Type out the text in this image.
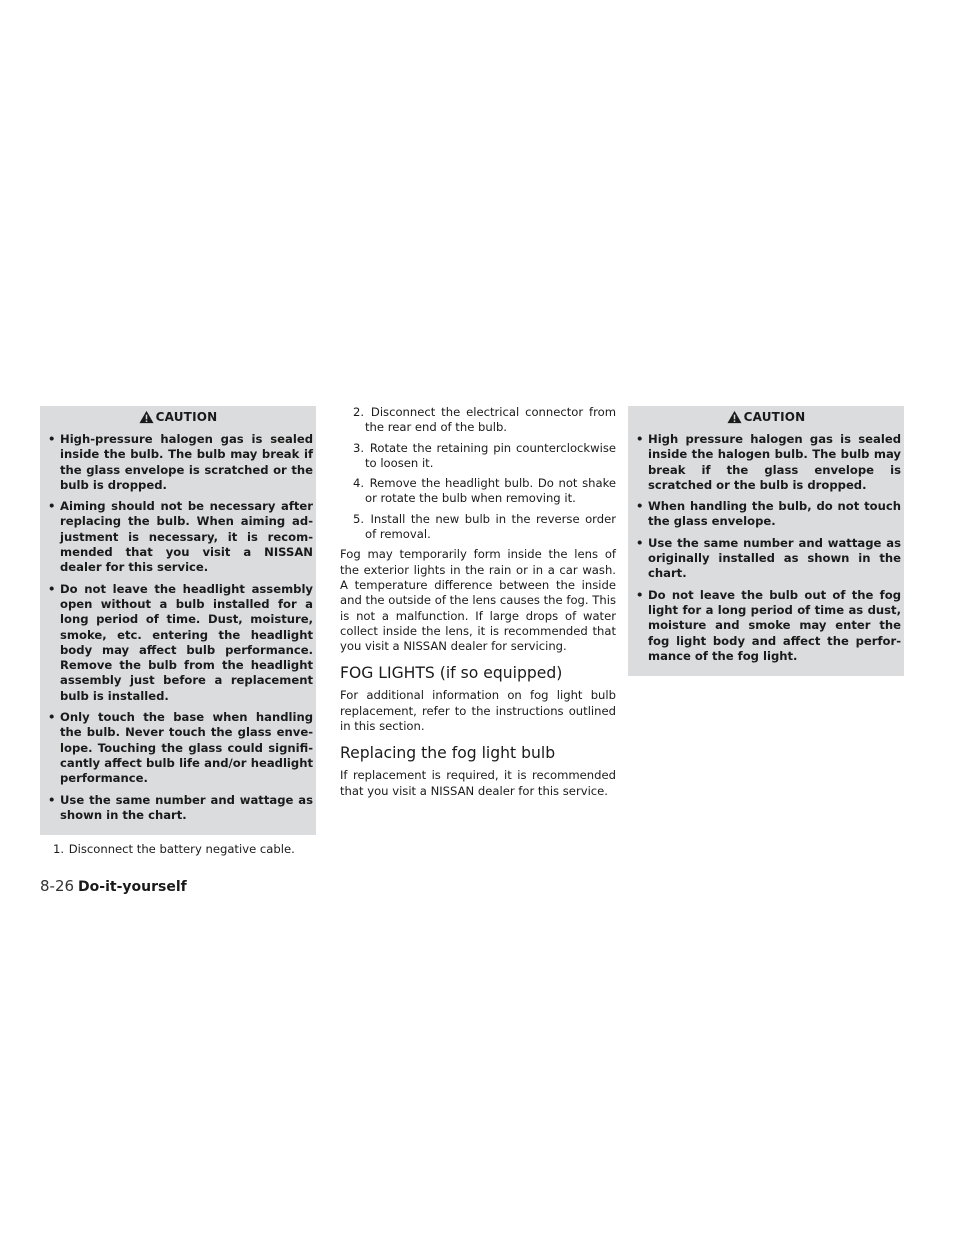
CAUTION
• High-pressure halogen gas is sealed inside the bulb. The bulb may break if the glass envelope is scratched or the bulb is dropped.
• Aiming should not be necessary after replacing the bulb. When aiming adjustment is necessary, it is recommended that you visit a NISSAN dealer for this service.
• Do not leave the headlight assembly open without a bulb installed for a long period of time. Dust, moisture, smoke, etc. entering the headlight body may affect bulb performance. Remove the bulb from the headlight assembly just before a replacement bulb is installed.
• Only touch the base when handling the bulb. Never touch the glass envelope. Touching the glass could significantly affect bulb life and/or headlight performance.
• Use the same number and wattage as shown in the chart.
1. Disconnect the battery negative cable.
2. Disconnect the electrical connector from the rear end of the bulb.
3. Rotate the retaining pin counterclockwise to loosen it.
4. Remove the headlight bulb. Do not shake or rotate the bulb when removing it.
5. Install the new bulb in the reverse order of removal.

Fog may temporarily form inside the lens of the exterior lights in the rain or in a car wash. A temperature difference between the inside and the outside of the lens causes the fog. This is not a malfunction. If large drops of water collect inside the lens, it is recommended that you visit a NISSAN dealer for servicing.

FOG LIGHTS (if so equipped)

For additional information on fog light bulb replacement, refer to the instructions outlined in this section.

Replacing the fog light bulb

If replacement is required, it is recommended that you visit a NISSAN dealer for this service.

CAUTION
• High pressure halogen gas is sealed inside the halogen bulb. The bulb may break if the glass envelope is scratched or the bulb is dropped.
• When handling the bulb, do not touch the glass envelope.
• Use the same number and wattage as originally installed as shown in the chart.
• Do not leave the bulb out of the fog light for a long period of time as dust, moisture and smoke may enter the fog light body and affect the performance of the fog light.
8-26 Do-it-yourself
